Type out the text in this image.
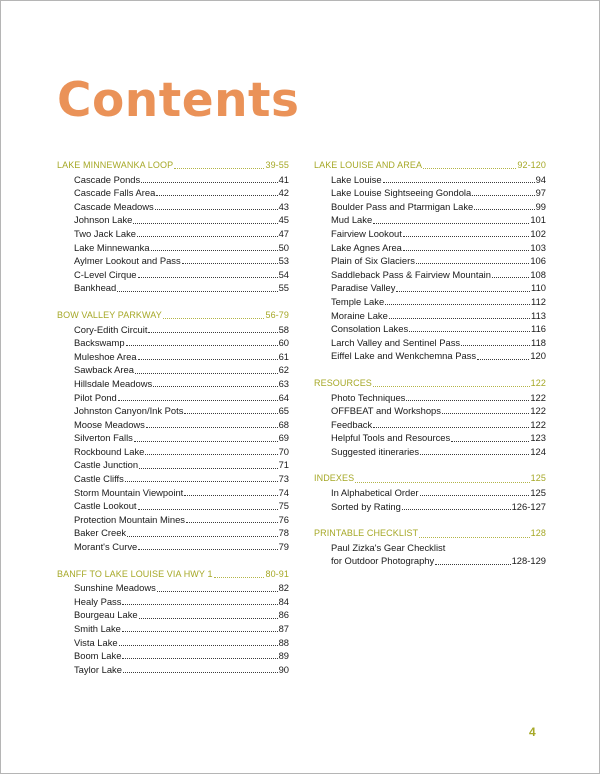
Contents
LAKE MINNEWANKA LOOP	39-55
Cascade Ponds	41
Cascade Falls Area	42
Cascade Meadows	43
Johnson Lake	45
Two Jack Lake	47
Lake Minnewanka	50
Aylmer Lookout and Pass	53
C-Level Cirque	54
Bankhead	55
BOW VALLEY PARKWAY	56-79
Cory-Edith Circuit	58
Backswamp	60
Muleshoe Area	61
Sawback Area	62
Hillsdale Meadows	63
Pilot Pond	64
Johnston Canyon/Ink Pots	65
Moose Meadows	68
Silverton Falls	69
Rockbound Lake	70
Castle Junction	71
Castle Cliffs	73
Storm Mountain Viewpoint	74
Castle Lookout	75
Protection Mountain Mines	76
Baker Creek	78
Morant's Curve	79
BANFF TO LAKE LOUISE VIA HWY 1	80-91
Sunshine Meadows	82
Healy Pass	84
Bourgeau Lake	86
Smith Lake	87
Vista Lake	88
Boom Lake	89
Taylor Lake	90
LAKE LOUISE AND AREA	92-120
Lake Louise	94
Lake Louise Sightseeing Gondola	97
Boulder Pass and Ptarmigan Lake	99
Mud Lake	101
Fairview Lookout	102
Lake Agnes Area	103
Plain of Six Glaciers	106
Saddleback Pass & Fairview Mountain	108
Paradise Valley	110
Temple Lake	112
Moraine Lake	113
Consolation Lakes	116
Larch Valley and Sentinel Pass	118
Eiffel Lake and Wenkchemna Pass	120
RESOURCES	122
Photo Techniques	122
OFFBEAT and Workshops	122
Feedback	122
Helpful Tools and Resources	123
Suggested itineraries	124
INDEXES	125
In Alphabetical Order	125
Sorted by Rating	126-127
PRINTABLE CHECKLIST	128
Paul Zizka's Gear Checklist
for Outdoor Photography	128-129
4
